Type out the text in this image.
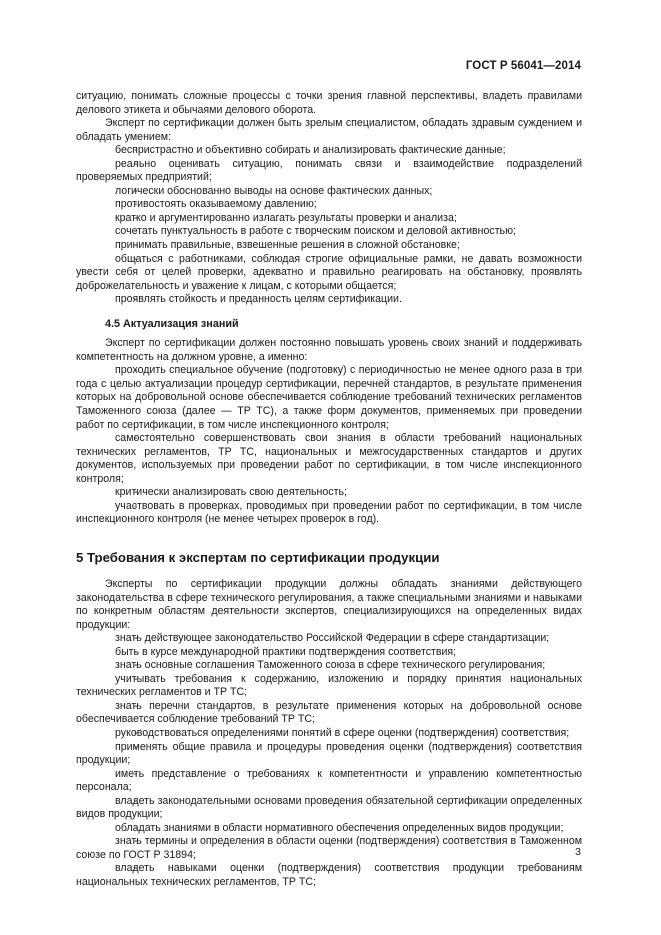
ГОСТ Р 56041—2014

ситуацию, понимать сложные процессы с точки зрения главной перспективы, владеть правилами делового этикета и обычаями делового оборота.

Эксперт по сертификации должен быть зрелым специалистом, обладать здравым суждением и обладать умением:

- беспристрастно и объективно собирать и анализировать фактические данные;

- реально оценивать ситуацию, понимать связи и взаимодействие подразделений проверяемых предприятий;

- логически обоснованно выводы на основе фактических данных;

- противостоять оказываемому давлению;

- кратко и аргументированно излагать результаты проверки и анализа;

- сочетать пунктуальность в работе с творческим поиском и деловой активностью;

- принимать правильные, взвешенные решения в сложной обстановке;

- общаться с работниками, соблюдая строгие официальные рамки, не давать возможности увести себя от целей проверки, адекватно и правильно реагировать на обстановку, проявлять доброжелательность и уважение к лицам, с которыми общается;

- проявлять стойкость и преданность целям сертификации.

4.5 Актуализация знаний

Эксперт по сертификации должен постоянно повышать уровень своих знаний и поддерживать компетентность на должном уровне, а именно:

- проходить специальное обучение (подготовку) с периодичностью не менее одного раза в три года с целью актуализации процедур сертификации, перечней стандартов, в результате применения которых на добровольной основе обеспечивается соблюдение требований технических регламентов Таможенного союза (далее — ТР ТС), а также форм документов, применяемых при проведении работ по сертификации, в том числе инспекционного контроля;

- самостоятельно совершенствовать свои знания в области требований национальных технических регламентов, ТР ТС, национальных и межгосударственных стандартов и других документов, используемых при проведении работ по сертификации, в том числе инспекционного контроля;

- критически анализировать свою деятельность;

- участвовать в проверках, проводимых при проведении работ по сертификации, в том числе инспекционного контроля (не менее четырех проверок в год).

5 Требования к экспертам по сертификации продукции

Эксперты по сертификации продукции должны обладать знаниями действующего законодательства в сфере технического регулирования, а также специальными знаниями и навыками по конкретным областям деятельности экспертов, специализирующихся на определенных видах продукции:

- знать действующее законодательство Российской Федерации в сфере стандартизации;

- быть в курсе международной практики подтверждения соответствия;

- знать основные соглашения Таможенного союза в сфере технического регулирования;

- учитывать требования к содержанию, изложению и порядку принятия национальных технических регламентов и ТР ТС;

- знать перечни стандартов, в результате применения которых на добровольной основе обеспечивается соблюдение требований ТР ТС;

- руководствоваться определениями понятий в сфере оценки (подтверждения) соответствия;

- применять общие правила и процедуры проведения оценки (подтверждения) соответствия продукции;

- иметь представление о требованиях к компетентности и управлению компетентностью персонала;

- владеть законодательными основами проведения обязательной сертификации определенных видов продукции;

- обладать знаниями в области нормативного обеспечения определенных видов продукции;

- знать термины и определения в области оценки (подтверждения) соответствия в Таможенном союзе по ГОСТ Р 31894;

- владеть навыками оценки (подтверждения) соответствия продукции требованиям национальных технических регламентов, ТР ТС;

3
